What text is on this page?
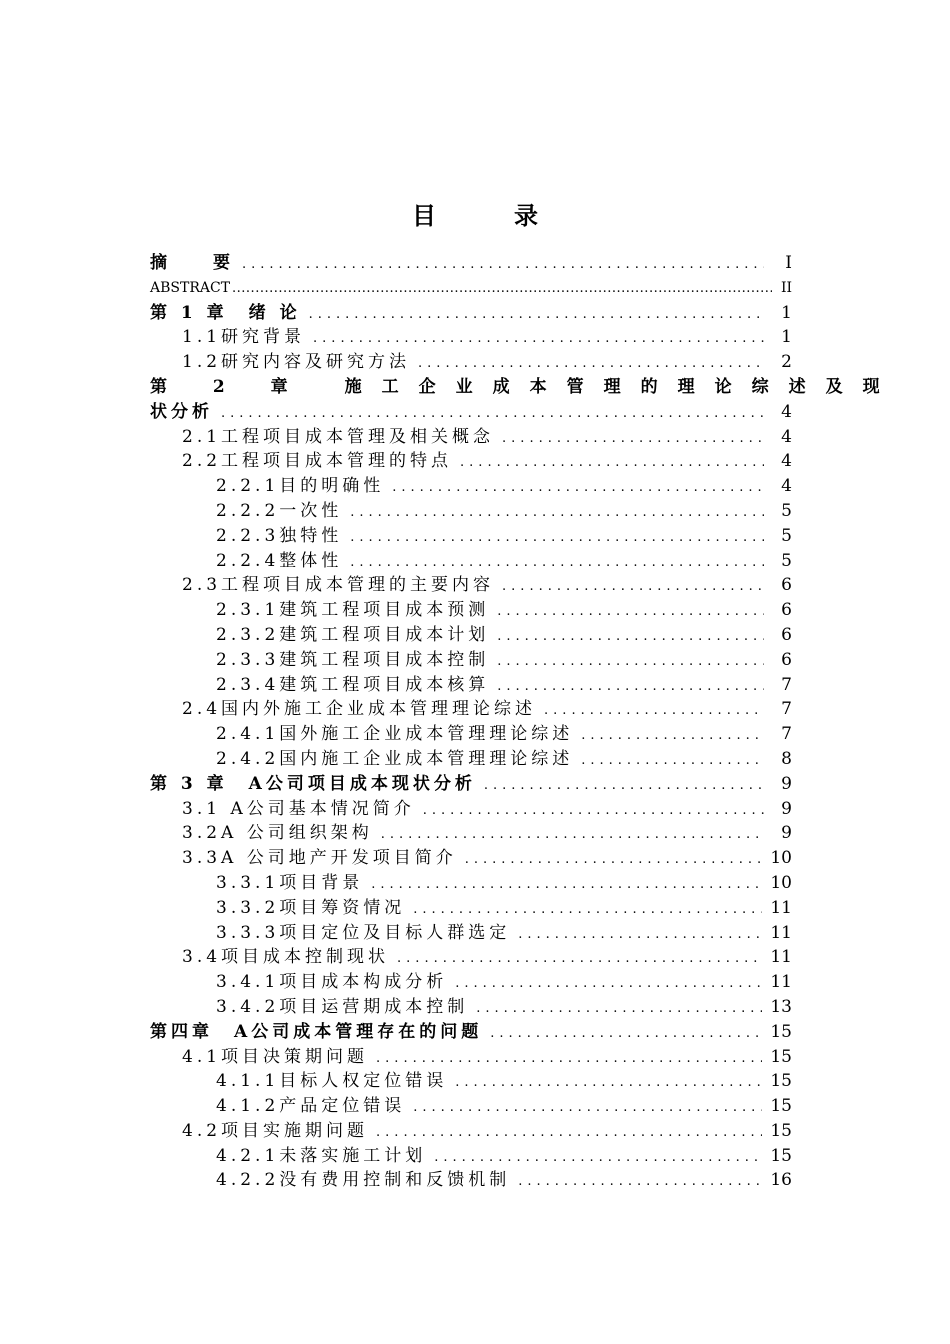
目录
摘　　要 .....	I
ABSTRACT .....	II
第 1 章　绪 论 .....	1
1.1研究背景 .....	1
1.2研究内容及研究方法 .....	2
第 2 章　施工企业成本管理的理论综述及现
状分析 .....	4
2.1工程项目成本管理及相关概念 .....	4
2.2工程项目成本管理的特点 .....	4
2.2.1目的明确性 .....	4
2.2.2一次性 .....	5
2.2.3独特性 .....	5
2.2.4整体性 .....	5
2.3工程项目成本管理的主要内容 .....	6
2.3.1建筑工程项目成本预测 .....	6
2.3.2建筑工程项目成本计划 .....	6
2.3.3建筑工程项目成本控制 .....	6
2.3.4建筑工程项目成本核算 .....	7
2.4国内外施工企业成本管理理论综述 .....	7
2.4.1国外施工企业成本管理理论综述 .....	7
2.4.2国内施工企业成本管理理论综述 .....	8
第 3 章　A公司项目成本现状分析 .....	9
3.1 A公司基本情况简介 .....	9
3.2A 公司组织架构 .....	9
3.3A 公司地产开发项目简介 .....	10
3.3.1项目背景 .....	10
3.3.2项目筹资情况 .....	11
3.3.3项目定位及目标人群选定 .....	11
3.4项目成本控制现状 .....	11
3.4.1项目成本构成分析 .....	11
3.4.2项目运营期成本控制 .....	13
第四章　A公司成本管理存在的问题 .....	15
4.1项目决策期问题 .....	15
4.1.1目标人权定位错误 .....	15
4.1.2产品定位错误 .....	15
4.2项目实施期问题 .....	15
4.2.1未落实施工计划 .....	15
4.2.2没有费用控制和反馈机制 .....	16
